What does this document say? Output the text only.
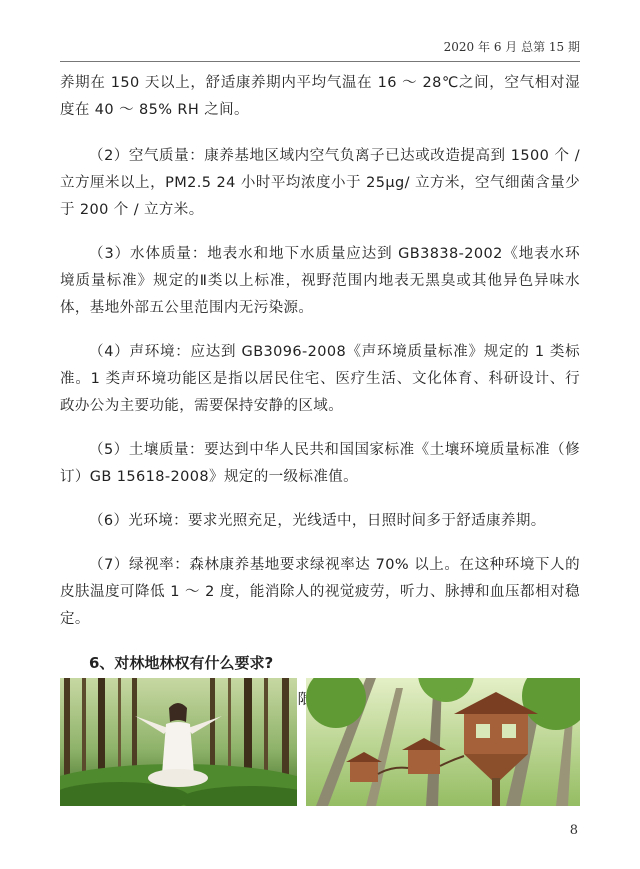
2020 年 6 月 总第 15 期

养期在 150 天以上，舒适康养期内平均气温在 16 ～ 28℃之间，空气相对湿度在 40 ～ 85% RH 之间。

（2）空气质量：康养基地区域内空气负离子已达或改造提高到 1500 个 / 立方厘米以上，PM2.5 24 小时平均浓度小于 25μg/ 立方米，空气细菌含量少于 200 个 / 立方米。

（3）水体质量：地表水和地下水质量应达到 GB3838-2002《地表水环境质量标准》规定的Ⅱ类以上标准，视野范围内地表无黑臭或其他异色异味水体，基地外部五公里范围内无污染源。

（4）声环境：应达到 GB3096-2008《声环境质量标准》规定的 1 类标准。1 类声环境功能区是指以居民住宅、医疗生活、文化体育、科研设计、行政办公为主要功能，需要保持安静的区域。

（5）土壤质量：要达到中华人民共和国国家标准《土壤环境质量标准（修订）GB 15618-2008》规定的一级标准值。

（6）光环境：要求光照充足，光线适中，日照时间多于舒适康养期。

（7）绿视率：森林康养基地要求绿视率达 70% 以上。在这种环境下人的皮肤温度可降低 1 ～ 2 度，能消除人的视觉疲劳，听力、脉搏和血压都相对稳定。

6、对林地林权有什么要求?

8
